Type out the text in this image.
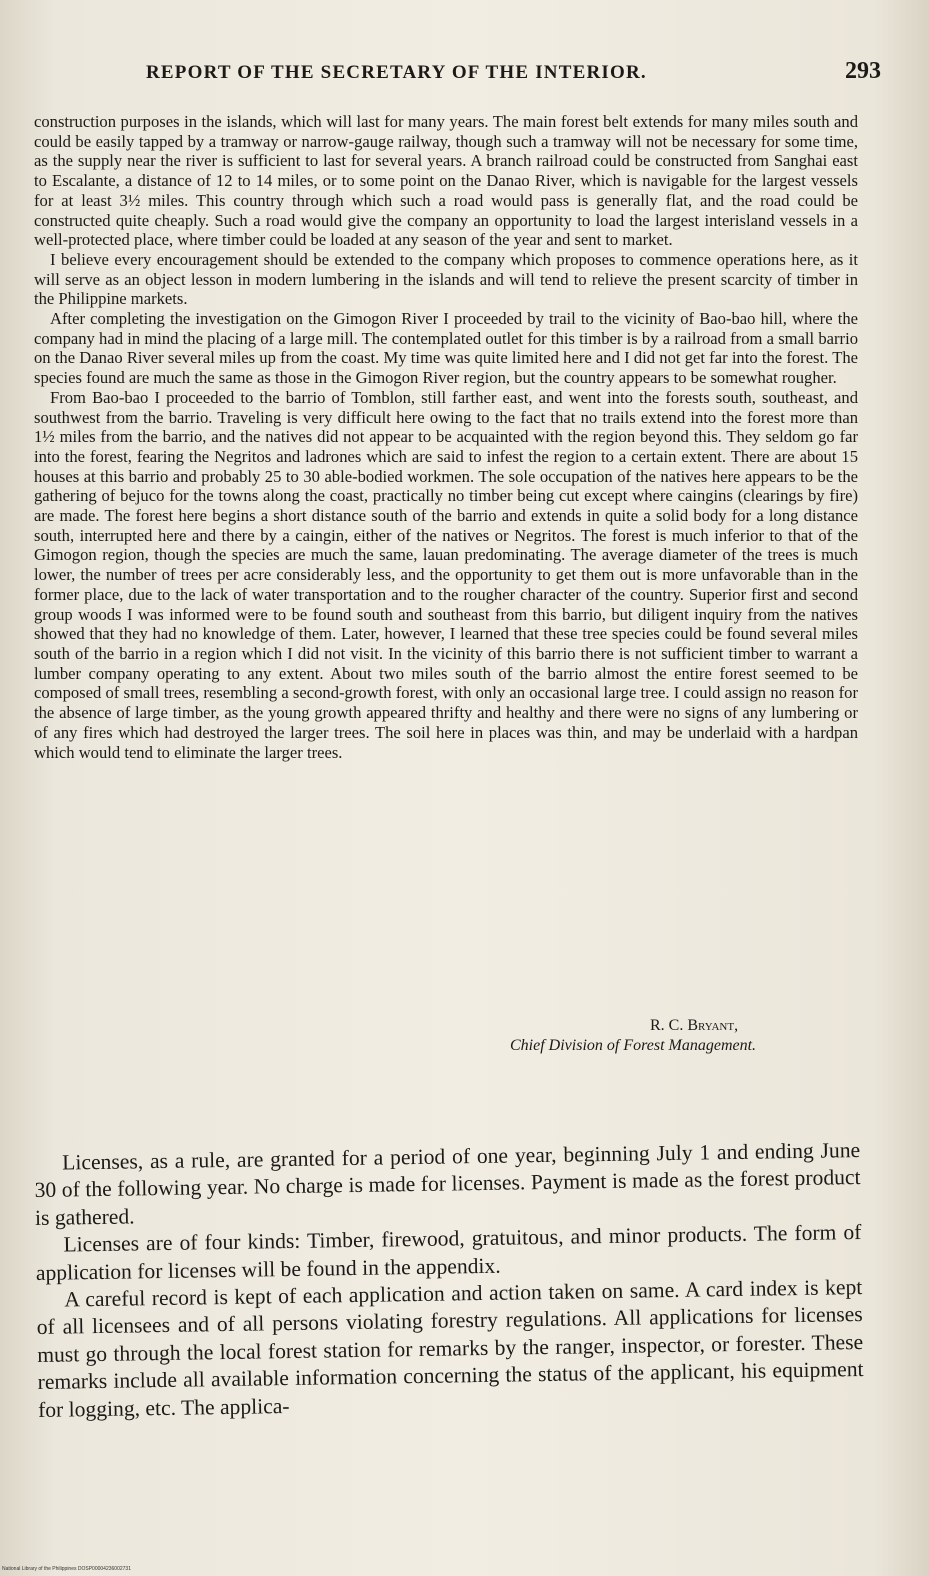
REPORT OF THE SECRETARY OF THE INTERIOR.	293

construction purposes in the islands, which will last for many years. The main forest belt extends for many miles south and could be easily tapped by a tramway or narrow-gauge railway, though such a tramway will not be necessary for some time, as the supply near the river is sufficient to last for several years. A branch railroad could be constructed from Sanghai east to Escalante, a distance of 12 to 14 miles, or to some point on the Danao River, which is navigable for the largest vessels for at least 3½ miles. This country through which such a road would pass is generally flat, and the road could be constructed quite cheaply. Such a road would give the company an opportunity to load the largest interisland vessels in a well-protected place, where timber could be loaded at any season of the year and sent to market.

I believe every encouragement should be extended to the company which proposes to commence operations here, as it will serve as an object lesson in modern lumbering in the islands and will tend to relieve the present scarcity of timber in the Philippine markets.

After completing the investigation on the Gimogon River I proceeded by trail to the vicinity of Bao-bao hill, where the company had in mind the placing of a large mill. The contemplated outlet for this timber is by a railroad from a small barrio on the Danao River several miles up from the coast. My time was quite limited here and I did not get far into the forest. The species found are much the same as those in the Gimogon River region, but the country appears to be somewhat rougher.

From Bao-bao I proceeded to the barrio of Tomblon, still farther east, and went into the forests south, southeast, and southwest from the barrio. Traveling is very difficult here owing to the fact that no trails extend into the forest more than 1½ miles from the barrio, and the natives did not appear to be acquainted with the region beyond this. They seldom go far into the forest, fearing the Negritos and ladrones which are said to infest the region to a certain extent. There are about 15 houses at this barrio and probably 25 to 30 able-bodied workmen. The sole occupation of the natives here appears to be the gathering of bejuco for the towns along the coast, practically no timber being cut except where caingins (clearings by fire) are made. The forest here begins a short distance south of the barrio and extends in quite a solid body for a long distance south, interrupted here and there by a caingin, either of the natives or Negritos. The forest is much inferior to that of the Gimogon region, though the species are much the same, lauan predominating. The average diameter of the trees is much lower, the number of trees per acre considerably less, and the opportunity to get them out is more unfavorable than in the former place, due to the lack of water transportation and to the rougher character of the country. Superior first and second group woods I was informed were to be found south and southeast from this barrio, but diligent inquiry from the natives showed that they had no knowledge of them. Later, however, I learned that these tree species could be found several miles south of the barrio in a region which I did not visit. In the vicinity of this barrio there is not sufficient timber to warrant a lumber company operating to any extent. About two miles south of the barrio almost the entire forest seemed to be composed of small trees, resembling a second-growth forest, with only an occasional large tree. I could assign no reason for the absence of large timber, as the young growth appeared thrifty and healthy and there were no signs of any lumbering or of any fires which had destroyed the larger trees. The soil here in places was thin, and may be underlaid with a hardpan which would tend to eliminate the larger trees.

R. C. Bryant,
Chief Division of Forest Management.

Licenses, as a rule, are granted for a period of one year, beginning July 1 and ending June 30 of the following year. No charge is made for licenses. Payment is made as the forest product is gathered.

Licenses are of four kinds: Timber, firewood, gratuitous, and minor products. The form of application for licenses will be found in the appendix.

A careful record is kept of each application and action taken on same. A card index is kept of all licensees and of all persons violating forestry regulations. All applications for licenses must go through the local forest station for remarks by the ranger, inspector, or forester. These remarks include all available information concerning the status of the applicant, his equipment for logging, etc. The applica-

National Library of the Philippines DOSP00004236002731
